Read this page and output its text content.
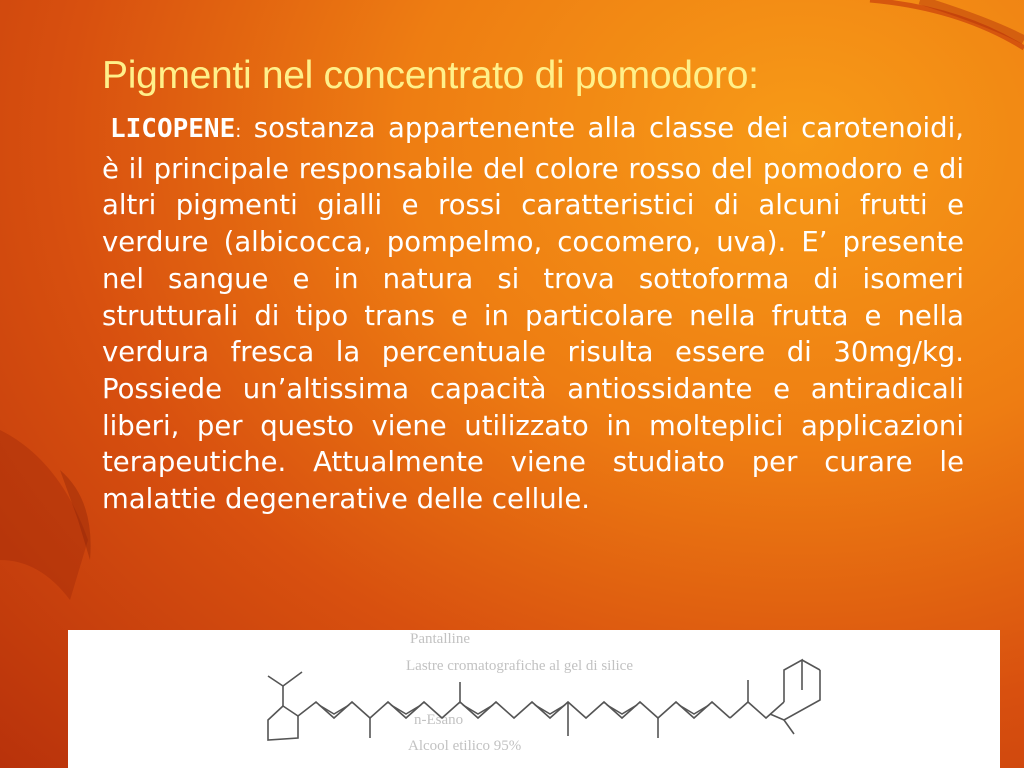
Pigmenti nel concentrato di pomodoro:

LICOPENE: sostanza appartenente alla classe dei carotenoidi, è il principale responsabile del colore rosso del pomodoro e di altri pigmenti gialli e rossi caratteristici di alcuni frutti e verdure (albicocca, pompelmo, cocomero, uva). E’ presente nel sangue e in natura si trova sottoforma di isomeri strutturali di tipo trans e in particolare nella frutta e nella verdura fresca la percentuale risulta essere di 30mg/kg. Possiede un’altissima capacità antiossidante e antiradicali liberi, per questo viene utilizzato in molteplici applicazioni terapeutiche. Attualmente viene studiato per curare le malattie degenerative delle cellule.

Pantalline
Lastre cromatografiche al gel di silice
n-Esano
Alcool etilico 95%
